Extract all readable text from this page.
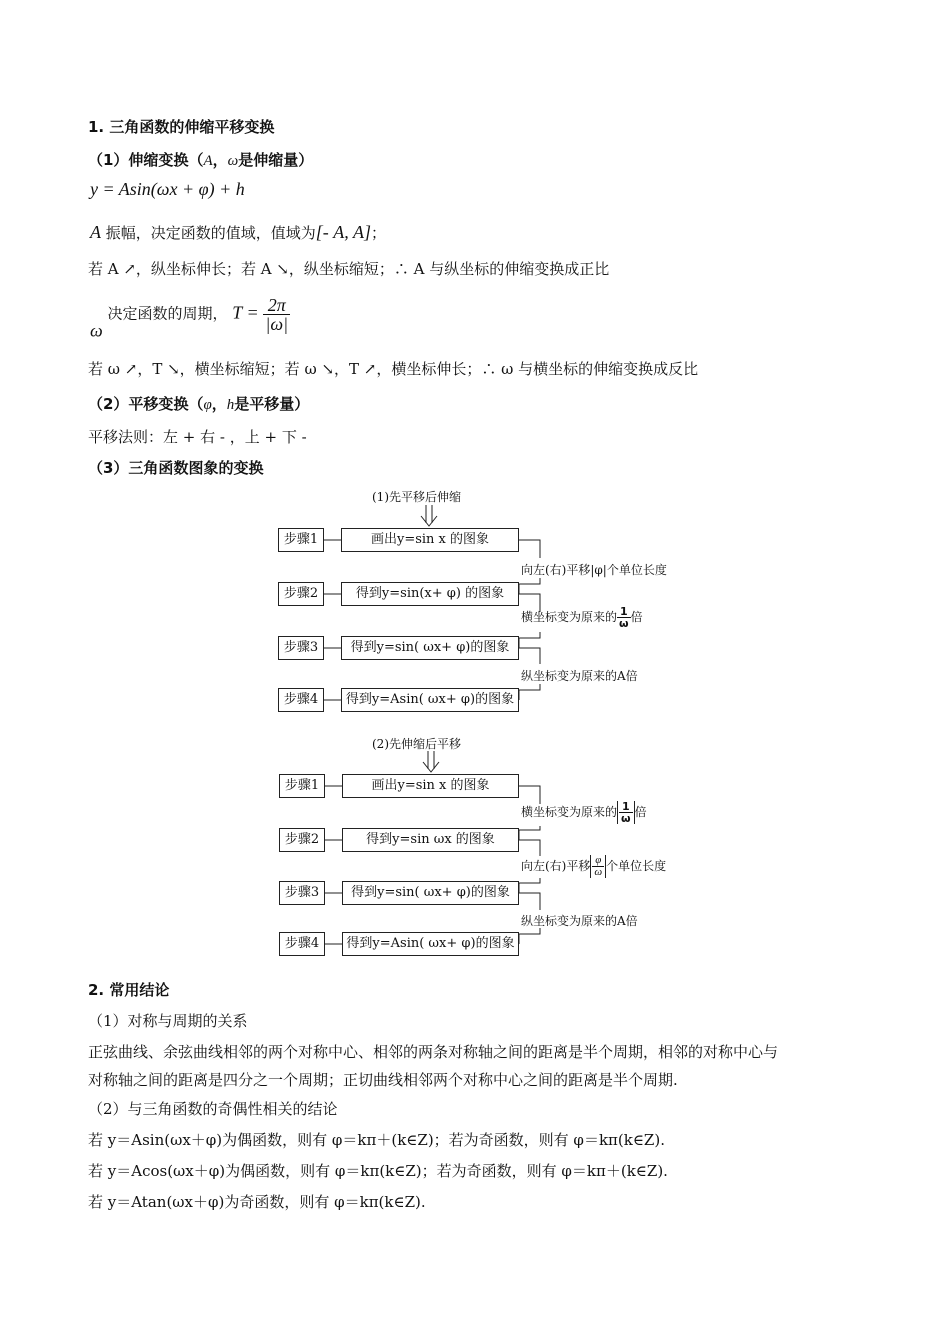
1. 三角函数的伸缩平移变换
（1）伸缩变换（A，ω是伸缩量）
y = Asin(ωx + φ) + h
A 振幅，决定函数的值域，值域为[- A, A]；
若 A ↗，纵坐标伸长；若 A ↘，纵坐标缩短；∴ A 与纵坐标的伸缩变换成正比
ω 决定函数的周期， $T = \frac{2\pi}{|\omega|}$
若 ω ↗，T ↘，横坐标缩短；若 ω ↘，T ↗，横坐标伸长；∴ ω 与横坐标的伸缩变换成反比
（2）平移变换（φ，h是平移量）
平移法则：左 + 右 - ，上 + 下 -
（3）三角函数图象的变换
(1)先平移后伸缩
步骤1	画出y=sin x 的图象
向左(右)平移|φ|个单位长度
步骤2	得到y=sin(x+ φ) 的图象
横坐标变为原来的 $\frac{1}{\omega}$ 倍
步骤3	得到y=sin( ωx+ φ)的图象
纵坐标变为原来的A倍
步骤4	得到y=Asin( ωx+ φ)的图象
(2)先伸缩后平移
步骤1	画出y=sin x 的图象
横坐标变为原来的 $\frac{1}{\omega}$ 倍
步骤2	得到y=sin ωx 的图象
向左(右)平移 $\frac{\varphi}{\omega}$ 个单位长度
步骤3	得到y=sin( ωx+ φ)的图象
纵坐标变为原来的A倍
步骤4	得到y=Asin( ωx+ φ)的图象
2. 常用结论
（1）对称与周期的关系
正弦曲线、余弦曲线相邻的两个对称中心、相邻的两条对称轴之间的距离是半个周期，相邻的对称中心与
对称轴之间的距离是四分之一个周期；正切曲线相邻两个对称中心之间的距离是半个周期.
（2）与三角函数的奇偶性相关的结论
若 y＝Asin(ωx＋φ)为偶函数，则有 φ＝kπ＋(k∈Z)；若为奇函数，则有 φ＝kπ(k∈Z).
若 y＝Acos(ωx＋φ)为偶函数，则有 φ＝kπ(k∈Z)；若为奇函数，则有 φ＝kπ＋(k∈Z).
若 y＝Atan(ωx＋φ)为奇函数，则有 φ＝kπ(k∈Z).
